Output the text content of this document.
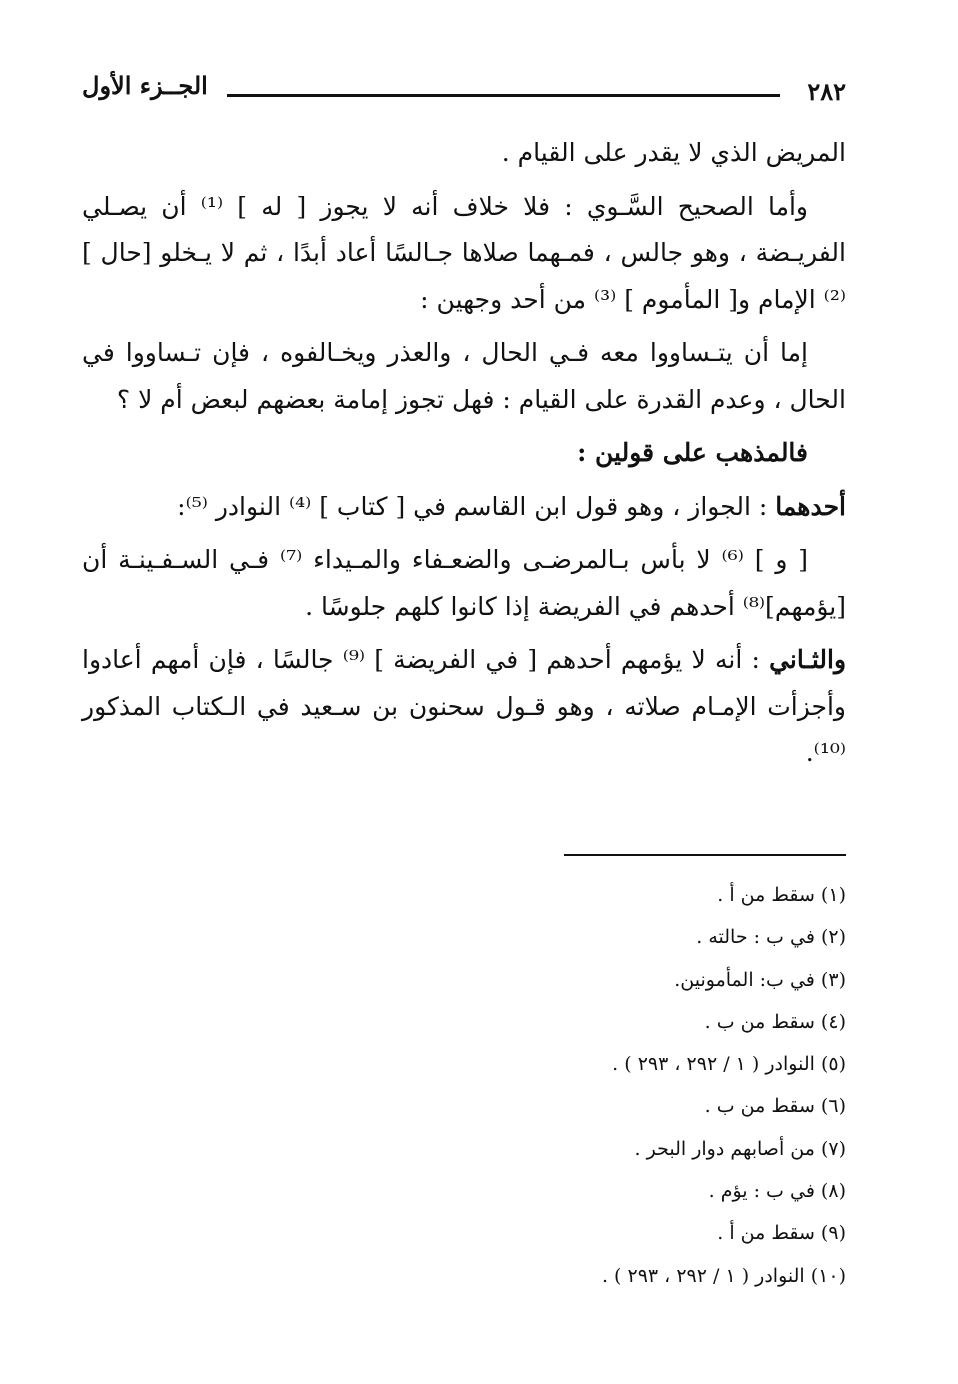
٢٨٢
الجــزء الأول

المريض الذي لا يقدر على القيام .

وأما الصحيح السَّـوي : فلا خلاف أنه لا يجوز [ له ] ⁽¹⁾ أن يصـلي الفريـضة ، وهو جالس ، فمـهما صلاها جـالسًا أعاد أبدًا ، ثم لا يـخلو [حال ] ⁽²⁾ الإمام و[ المأموم ] ⁽³⁾ من أحد وجهين :

إما أن يتـساووا معه فـي الحال ، والعذر ويخـالفوه ، فإن تـساووا في الحال ، وعدم القدرة على القيام : فهل تجوز إمامة بعضهم لبعض أم لا ؟

فالمذهب على قولين :

أحدهما : الجواز ، وهو قول ابن القاسم في [ كتاب ] ⁽⁴⁾ النوادر ⁽⁵⁾:

[ و ] ⁽⁶⁾ لا بأس بـالمرضـى والضعـفاء والمـيداء ⁽⁷⁾ فـي السـفـينـة أن [يؤمهم]⁽⁸⁾ أحدهم في الفريضة إذا كانوا كلهم جلوسًا .

والثـاني : أنه لا يؤمهم أحدهم [ في الفريضة ] ⁽⁹⁾ جالسًا ، فإن أمهم أعادوا وأجزأت الإمـام صلاته ، وهو قـول سحنون بن سـعيد في الـكتاب المذكور ⁽¹⁰⁾.

(١) سقط من أ .
(٢) في ب : حالته .
(٣) في ب: المأمونين.
(٤) سقط من ب .
(٥) النوادر ( ١ / ٢٩٢ ، ٢٩٣ ) .
(٦) سقط من ب .
(٧) من أصابهم دوار البحر .
(٨) في ب : يؤم .
(٩) سقط من أ .
(١٠) النوادر ( ١ / ٢٩٢ ، ٢٩٣ ) .
